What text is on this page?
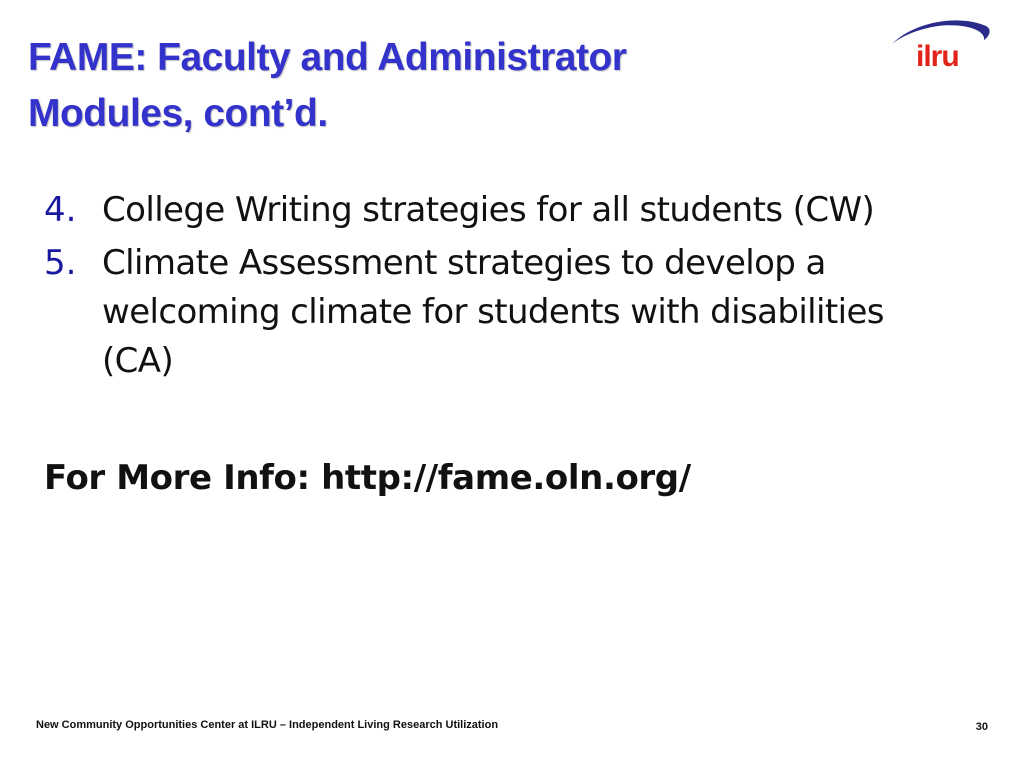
FAME: Faculty and Administrator
Modules, cont’d.
ilru
4. College Writing strategies for all students (CW)
5. Climate Assessment strategies to develop a welcoming climate for students with disabilities (CA)

For More Info: http://fame.oln.org/

New Community Opportunities Center at ILRU – Independent Living Research Utilization	30
